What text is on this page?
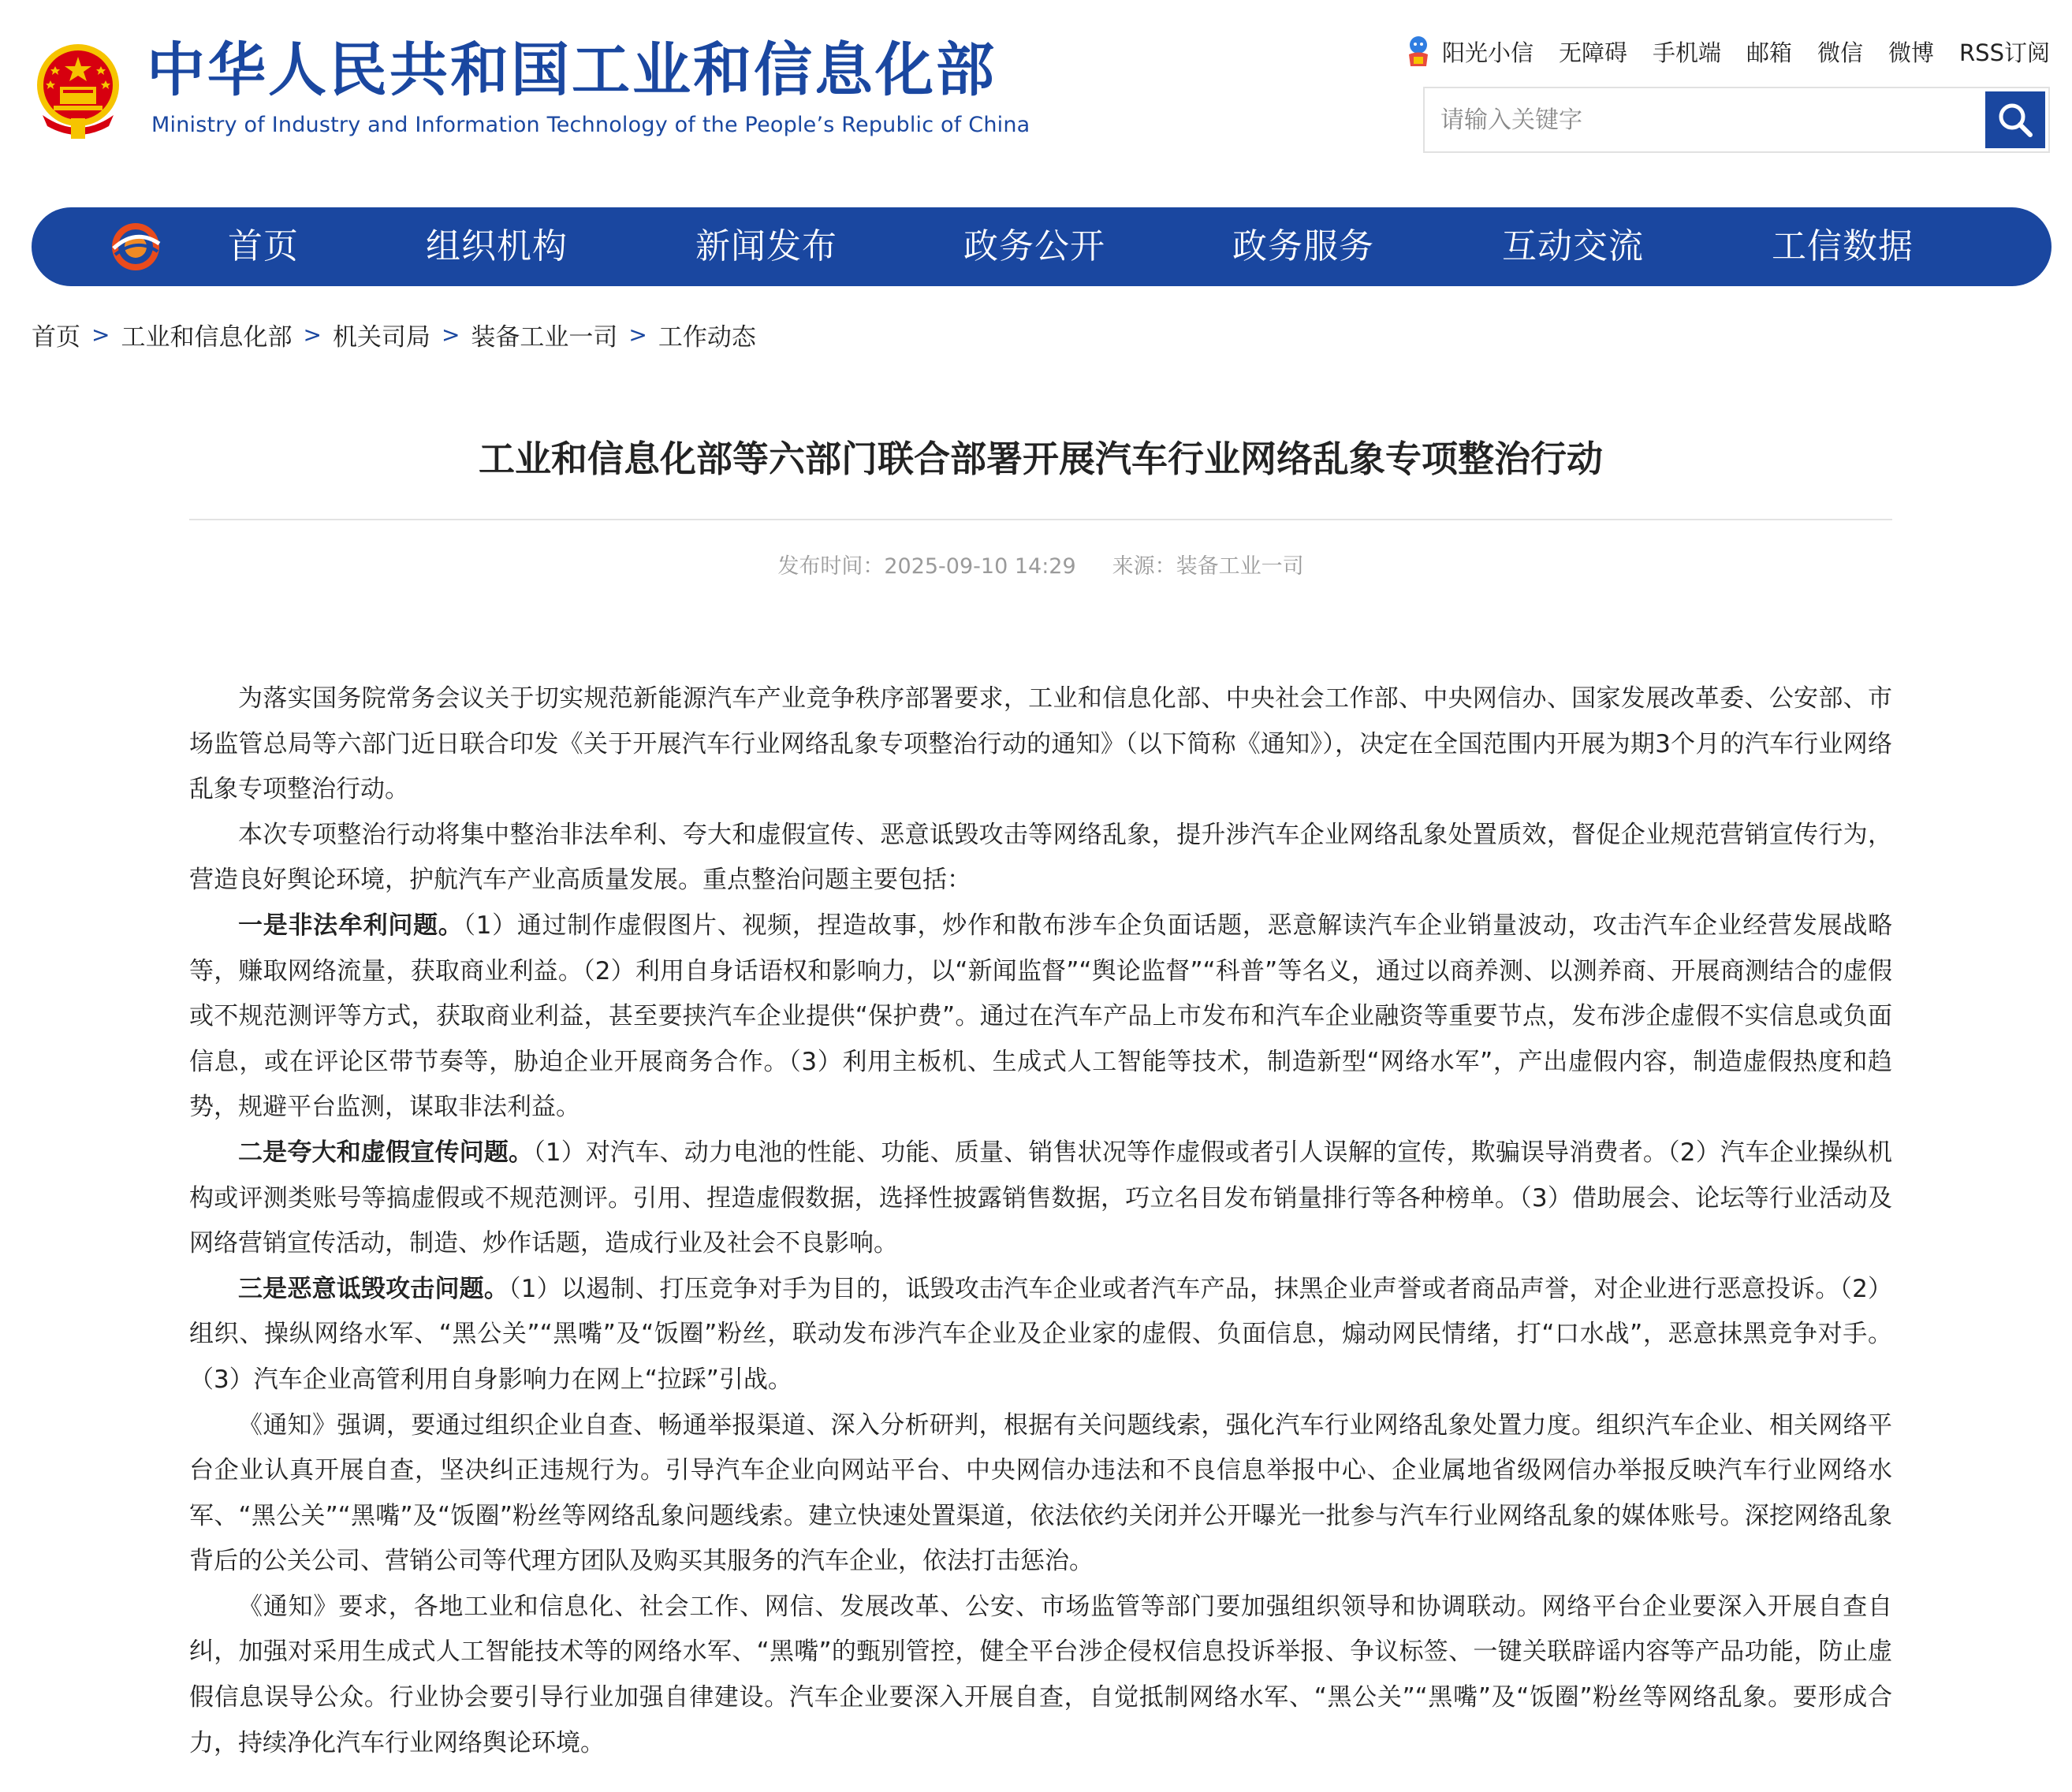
中华人民共和国工业和信息化部
Ministry of Industry and Information Technology of the People’s Republic of China
阳光小信 无障碍 手机端 邮箱 微信 微博 RSS订阅
请输入关键字
首页	组织机构	新闻发布	政务公开	政务服务	互动交流	工信数据
首页 > 工业和信息化部 > 机关司局 > 装备工业一司 > 工作动态
工业和信息化部等六部门联合部署开展汽车行业网络乱象专项整治行动
发布时间：2025-09-10 14:29 来源：装备工业一司

为落实国务院常务会议关于切实规范新能源汽车产业竞争秩序部署要求，工业和信息化部、中央社会工作部、中央网信办、国家发展改革委、公安部、市场监管总局等六部门近日联合印发《关于开展汽车行业网络乱象专项整治行动的通知》（以下简称《通知》），决定在全国范围内开展为期3个月的汽车行业网络乱象专项整治行动。

本次专项整治行动将集中整治非法牟利、夸大和虚假宣传、恶意诋毁攻击等网络乱象，提升涉汽车企业网络乱象处置质效，督促企业规范营销宣传行为，营造良好舆论环境，护航汽车产业高质量发展。重点整治问题主要包括：

一是非法牟利问题。（1）通过制作虚假图片、视频，捏造故事，炒作和散布涉车企负面话题，恶意解读汽车企业销量波动，攻击汽车企业经营发展战略等，赚取网络流量，获取商业利益。（2）利用自身话语权和影响力，以“新闻监督”“舆论监督”“科普”等名义，通过以商养测、以测养商、开展商测结合的虚假或不规范测评等方式，获取商业利益，甚至要挟汽车企业提供“保护费”。通过在汽车产品上市发布和汽车企业融资等重要节点，发布涉企虚假不实信息或负面信息，或在评论区带节奏等，胁迫企业开展商务合作。（3）利用主板机、生成式人工智能等技术，制造新型“网络水军”，产出虚假内容，制造虚假热度和趋势，规避平台监测，谋取非法利益。

二是夸大和虚假宣传问题。（1）对汽车、动力电池的性能、功能、质量、销售状况等作虚假或者引人误解的宣传，欺骗误导消费者。（2）汽车企业操纵机构或评测类账号等搞虚假或不规范测评。引用、捏造虚假数据，选择性披露销售数据，巧立名目发布销量排行等各种榜单。（3）借助展会、论坛等行业活动及网络营销宣传活动，制造、炒作话题，造成行业及社会不良影响。

三是恶意诋毁攻击问题。（1）以遏制、打压竞争对手为目的，诋毁攻击汽车企业或者汽车产品，抹黑企业声誉或者商品声誉，对企业进行恶意投诉。（2）组织、操纵网络水军、“黑公关”“黑嘴”及“饭圈”粉丝，联动发布涉汽车企业及企业家的虚假、负面信息，煽动网民情绪，打“口水战”，恶意抹黑竞争对手。（3）汽车企业高管利用自身影响力在网上“拉踩”引战。

《通知》强调，要通过组织企业自查、畅通举报渠道、深入分析研判，根据有关问题线索，强化汽车行业网络乱象处置力度。组织汽车企业、相关网络平台企业认真开展自查，坚决纠正违规行为。引导汽车企业向网站平台、中央网信办违法和不良信息举报中心、企业属地省级网信办举报反映汽车行业网络水军、“黑公关”“黑嘴”及“饭圈”粉丝等网络乱象问题线索。建立快速处置渠道，依法依约关闭并公开曝光一批参与汽车行业网络乱象的媒体账号。深挖网络乱象背后的公关公司、营销公司等代理方团队及购买其服务的汽车企业，依法打击惩治。

《通知》要求，各地工业和信息化、社会工作、网信、发展改革、公安、市场监管等部门要加强组织领导和协调联动。网络平台企业要深入开展自查自纠，加强对采用生成式人工智能技术等的网络水军、“黑嘴”的甄别管控，健全平台涉企侵权信息投诉举报、争议标签、一键关联辟谣内容等产品功能，防止虚假信息误导公众。行业协会要引导行业加强自律建设。汽车企业要深入开展自查，自觉抵制网络水军、“黑公关”“黑嘴”及“饭圈”粉丝等网络乱象。要形成合力，持续净化汽车行业网络舆论环境。
